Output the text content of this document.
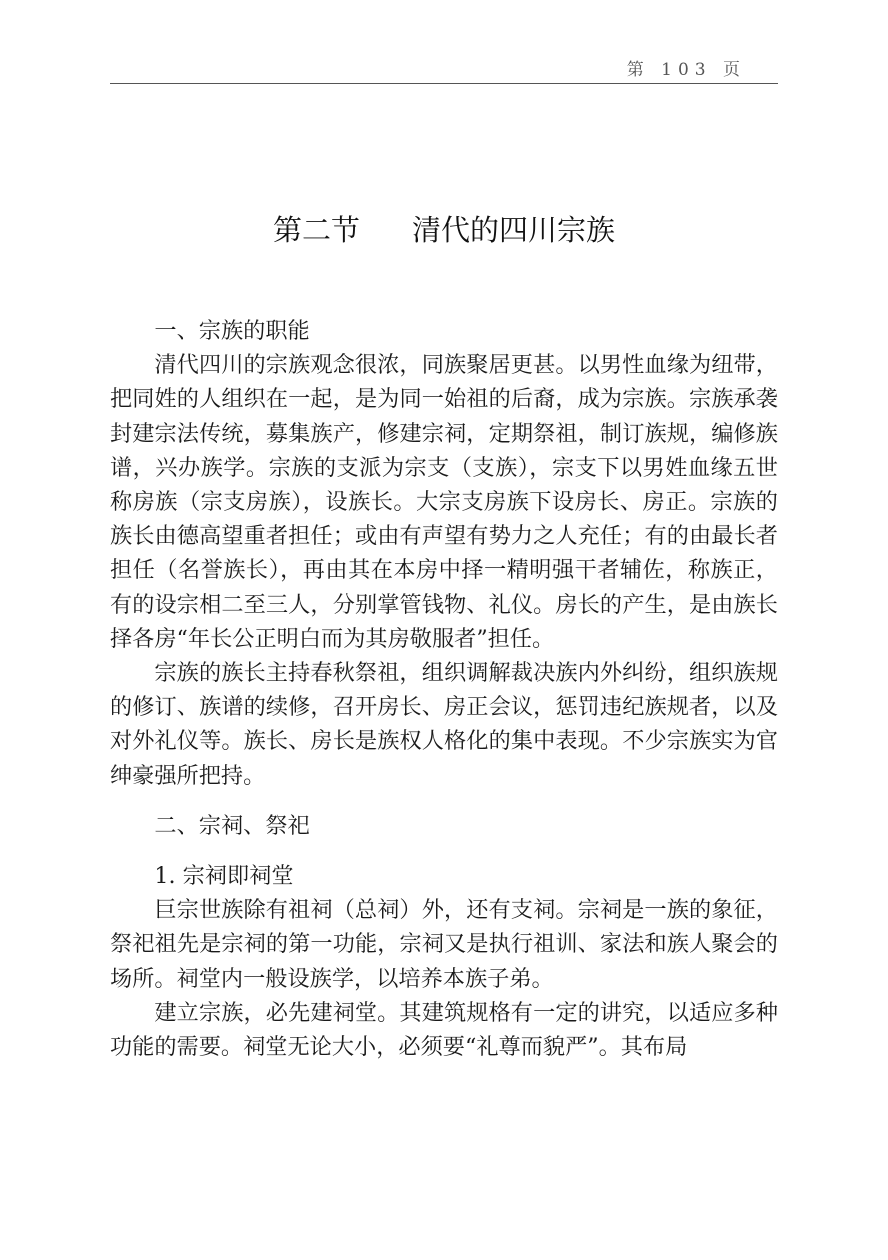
第 103 页
第二节 清代的四川宗族

一、宗族的职能

清代四川的宗族观念很浓，同族聚居更甚。以男性血缘为纽带，把同姓的人组织在一起，是为同一始祖的后裔，成为宗族。宗族承袭封建宗法传统，募集族产，修建宗祠，定期祭祖，制订族规，编修族谱，兴办族学。宗族的支派为宗支（支族），宗支下以男姓血缘五世称房族（宗支房族），设族长。大宗支房族下设房长、房正。宗族的族长由德高望重者担任；或由有声望有势力之人充任；有的由最长者担任（名誉族长），再由其在本房中择一精明强干者辅佐，称族正，有的设宗相二至三人，分别掌管钱物、礼仪。房长的产生，是由族长择各房“年长公正明白而为其房敬服者”担任。

宗族的族长主持春秋祭祖，组织调解裁决族内外纠纷，组织族规的修订、族谱的续修，召开房长、房正会议，惩罚违纪族规者，以及对外礼仪等。族长、房长是族权人格化的集中表现。不少宗族实为官绅豪强所把持。

二、宗祠、祭祀

1. 宗祠即祠堂

巨宗世族除有祖祠（总祠）外，还有支祠。宗祠是一族的象征，祭祀祖先是宗祠的第一功能，宗祠又是执行祖训、家法和族人聚会的场所。祠堂内一般设族学，以培养本族子弟。

建立宗族，必先建祠堂。其建筑规格有一定的讲究，以适应多种功能的需要。祠堂无论大小，必须要“礼尊而貌严”。其布局
